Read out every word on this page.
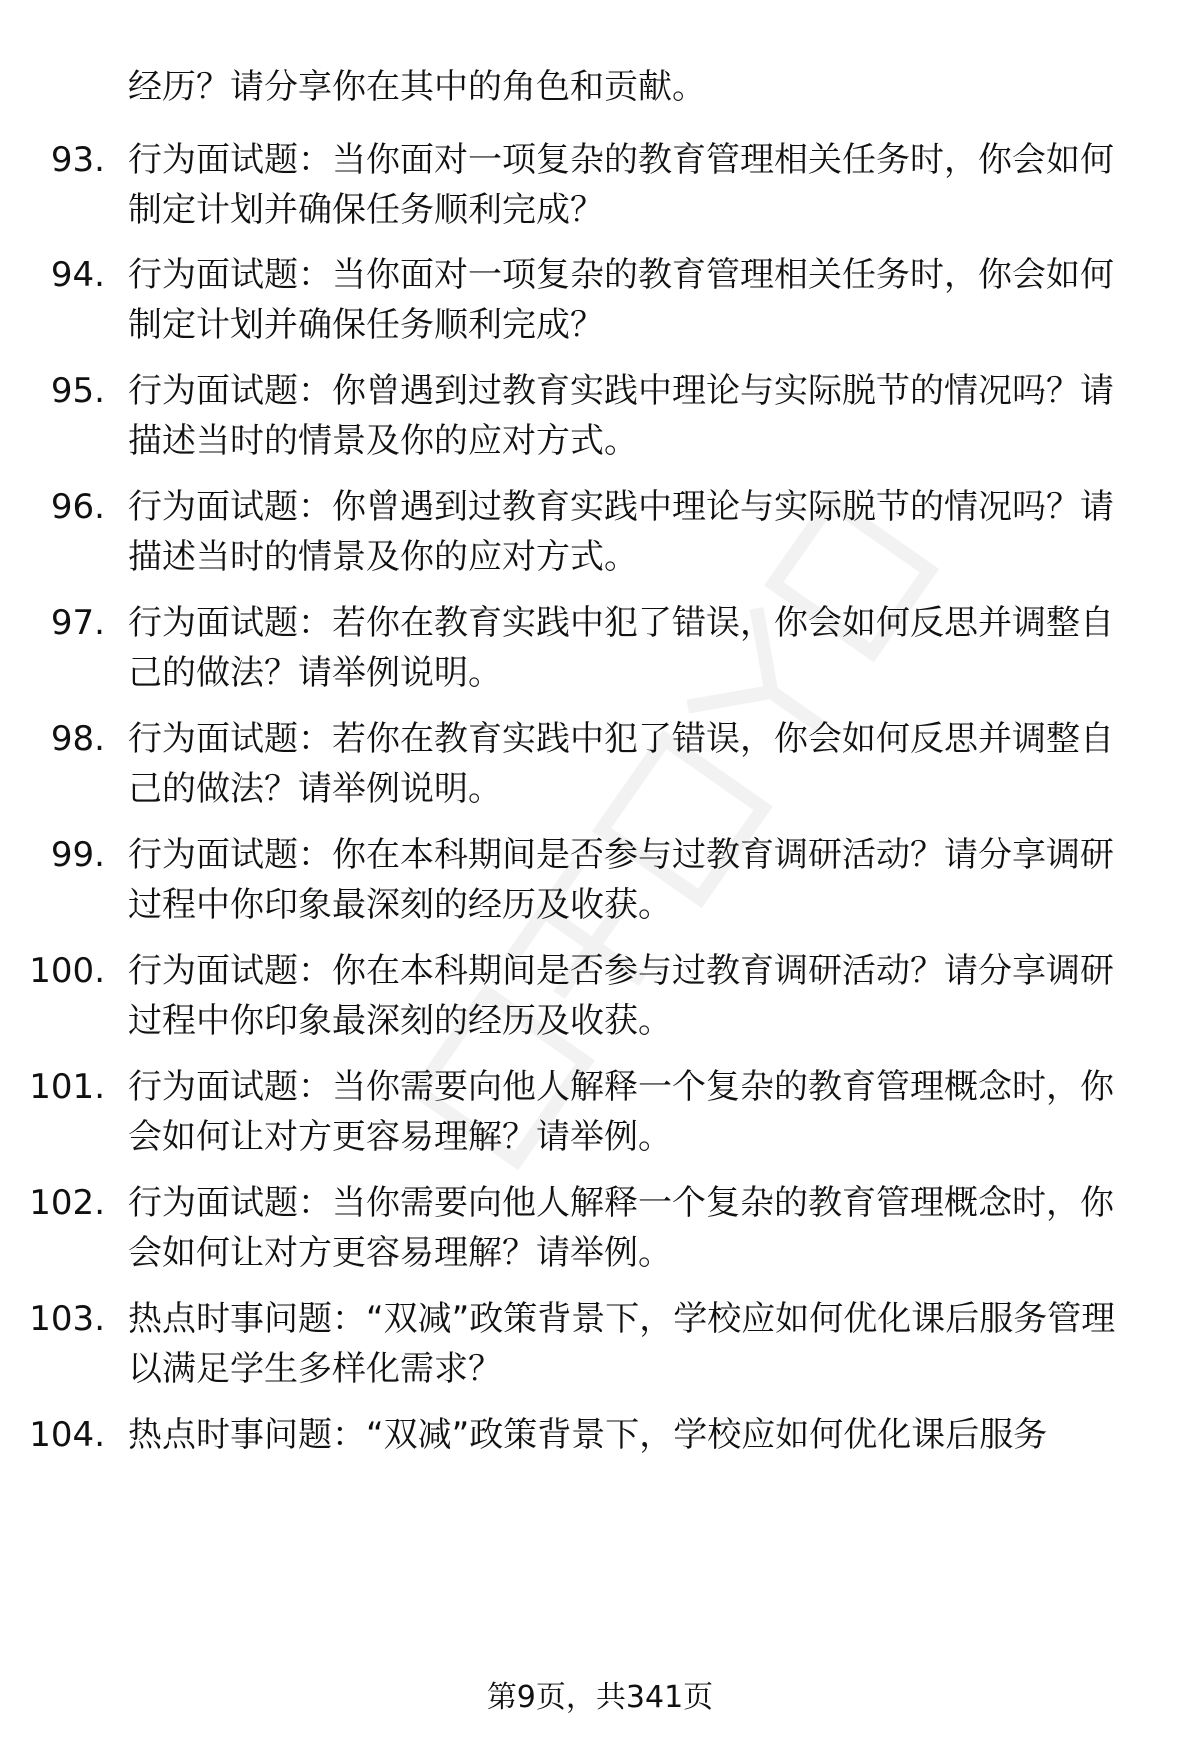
经历？请分享你在其中的角色和贡献。

93. 行为面试题：当你面对一项复杂的教育管理相关任务时，你会如何制定计划并确保任务顺利完成？

94. 行为面试题：当你面对一项复杂的教育管理相关任务时，你会如何制定计划并确保任务顺利完成？

95. 行为面试题：你曾遇到过教育实践中理论与实际脱节的情况吗？请描述当时的情景及你的应对方式。

96. 行为面试题：你曾遇到过教育实践中理论与实际脱节的情况吗？请描述当时的情景及你的应对方式。

97. 行为面试题：若你在教育实践中犯了错误，你会如何反思并调整自己的做法？请举例说明。

98. 行为面试题：若你在教育实践中犯了错误，你会如何反思并调整自己的做法？请举例说明。

99. 行为面试题：你在本科期间是否参与过教育调研活动？请分享调研过程中你印象最深刻的经历及收获。

100. 行为面试题：你在本科期间是否参与过教育调研活动？请分享调研过程中你印象最深刻的经历及收获。

101. 行为面试题：当你需要向他人解释一个复杂的教育管理概念时，你会如何让对方更容易理解？请举例。

102. 行为面试题：当你需要向他人解释一个复杂的教育管理概念时，你会如何让对方更容易理解？请举例。

103. 热点时事问题：“双减”政策背景下，学校应如何优化课后服务管理以满足学生多样化需求？

104. 热点时事问题：“双减”政策背景下，学校应如何优化课后服务

第9页，共341页
